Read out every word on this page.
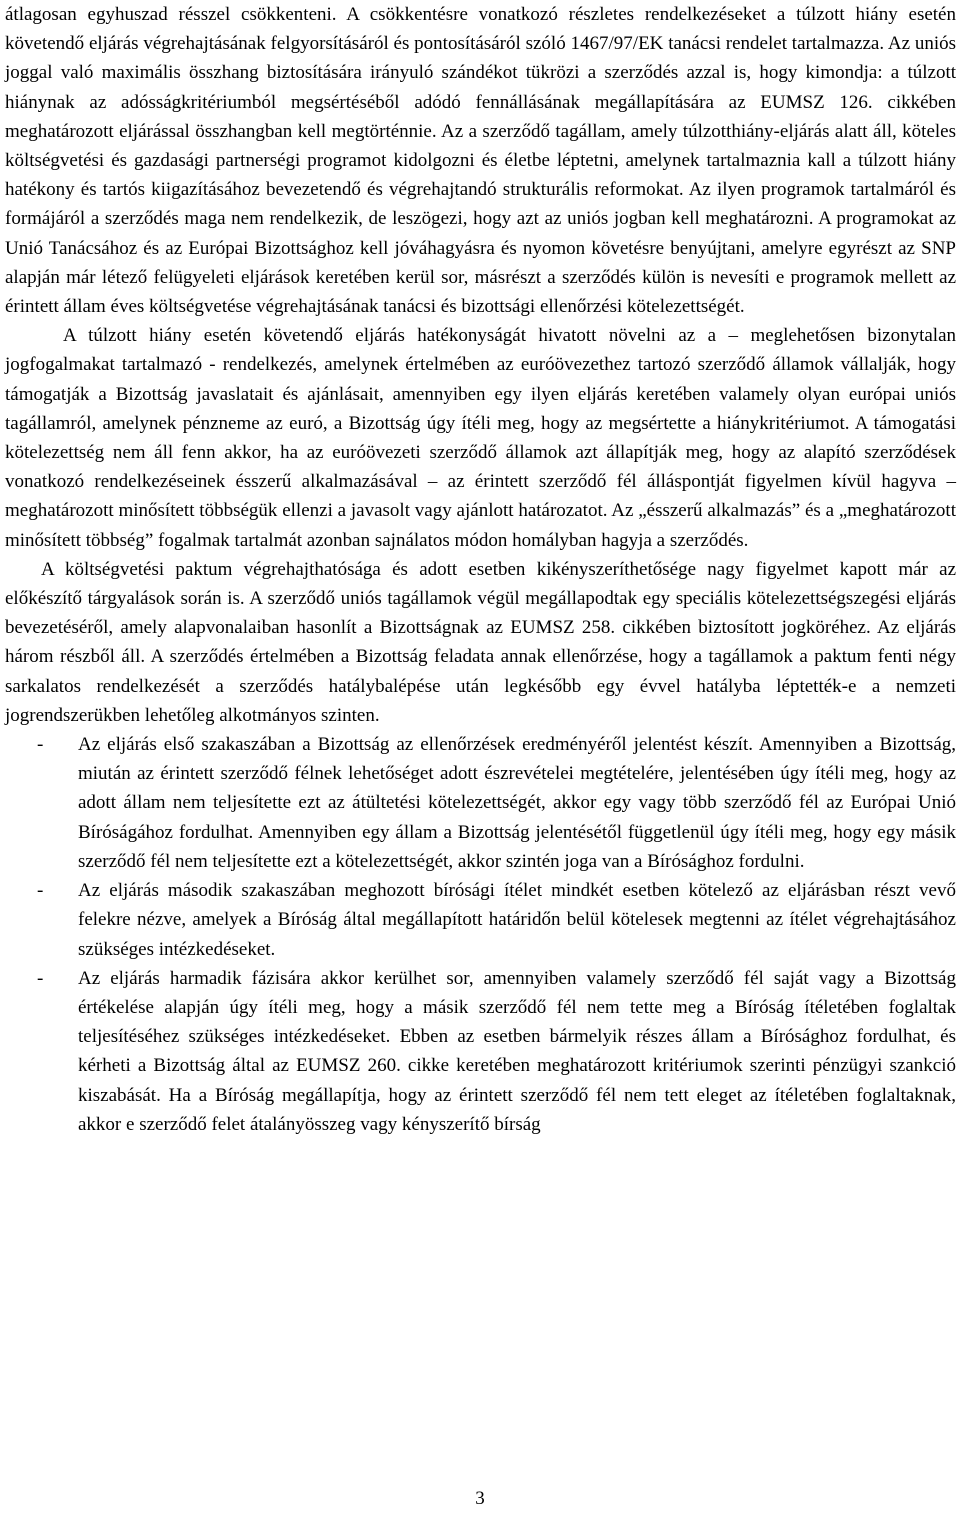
átlagosan egyhuszad résszel csökkenteni. A csökkentésre vonatkozó részletes rendelkezéseket a túlzott hiány esetén követendő eljárás végrehajtásának felgyorsításáról és pontosításáról szóló 1467/97/EK tanácsi rendelet tartalmazza. Az uniós joggal való maximális összhang biztosítására irányuló szándékot tükrözi a szerződés azzal is, hogy kimondja: a túlzott hiánynak az adósságkritériumból megsértéséből adódó fennállásának megállapítására az EUMSZ 126. cikkében meghatározott eljárással összhangban kell megtörténnie. Az a szerződő tagállam, amely túlzotthiány-eljárás alatt áll, köteles költségvetési és gazdasági partnerségi programot kidolgozni és életbe léptetni, amelynek tartalmaznia kall a túlzott hiány hatékony és tartós kiigazításához bevezetendő és végrehajtandó strukturális reformokat. Az ilyen programok tartalmáról és formájáról a szerződés maga nem rendelkezik, de leszögezi, hogy azt az uniós jogban kell meghatározni. A programokat az Unió Tanácsához és az Európai Bizottsághoz kell jóváhagyásra és nyomon követésre benyújtani, amelyre egyrészt az SNP alapján már létező felügyeleti eljárások keretében kerül sor, másrészt a szerződés külön is nevesíti e programok mellett az érintett állam éves költségvetése végrehajtásának tanácsi és bizottsági ellenőrzési kötelezettségét.

A túlzott hiány esetén követendő eljárás hatékonyságát hivatott növelni az a – meglehetősen bizonytalan jogfogalmakat tartalmazó - rendelkezés, amelynek értelmében az euróövezethez tartozó szerződő államok vállalják, hogy támogatják a Bizottság javaslatait és ajánlásait, amennyiben egy ilyen eljárás keretében valamely olyan európai uniós tagállamról, amelynek pénzneme az euró, a Bizottság úgy ítéli meg, hogy az megsértette a hiánykritériumot. A támogatási kötelezettség nem áll fenn akkor, ha az euróövezeti szerződő államok azt állapítják meg, hogy az alapító szerződések vonatkozó rendelkezéseinek ésszerű alkalmazásával – az érintett szerződő fél álláspontját figyelmen kívül hagyva – meghatározott minősített többségük ellenzi a javasolt vagy ajánlott határozatot. Az „ésszerű alkalmazás” és a „meghatározott minősített többség” fogalmak tartalmát azonban sajnálatos módon homályban hagyja a szerződés.

A költségvetési paktum végrehajthatósága és adott esetben kikényszeríthetősége nagy figyelmet kapott már az előkészítő tárgyalások során is. A szerződő uniós tagállamok végül megállapodtak egy speciális kötelezettségszegési eljárás bevezetéséről, amely alapvonalaiban hasonlít a Bizottságnak az EUMSZ 258. cikkében biztosított jogköréhez. Az eljárás három részből áll. A szerződés értelmében a Bizottság feladata annak ellenőrzése, hogy a tagállamok a paktum fenti négy sarkalatos rendelkezését a szerződés hatálybalépése után legkésőbb egy évvel hatályba léptették-e a nemzeti jogrendszerükben lehetőleg alkotmányos szinten.

- Az eljárás első szakaszában a Bizottság az ellenőrzések eredményéről jelentést készít. Amennyiben a Bizottság, miután az érintett szerződő félnek lehetőséget adott észrevételei megtételére, jelentésében úgy ítéli meg, hogy az adott állam nem teljesítette ezt az átültetési kötelezettségét, akkor egy vagy több szerződő fél az Európai Unió Bíróságához fordulhat. Amennyiben egy állam a Bizottság jelentésétől függetlenül úgy ítéli meg, hogy egy másik szerződő fél nem teljesítette ezt a kötelezettségét, akkor szintén joga van a Bírósághoz fordulni.

- Az eljárás második szakaszában meghozott bírósági ítélet mindkét esetben kötelező az eljárásban részt vevő felekre nézve, amelyek a Bíróság által megállapított határidőn belül kötelesek megtenni az ítélet végrehajtásához szükséges intézkedéseket.

- Az eljárás harmadik fázisára akkor kerülhet sor, amennyiben valamely szerződő fél saját vagy a Bizottság értékelése alapján úgy ítéli meg, hogy a másik szerződő fél nem tette meg a Bíróság ítéletében foglaltak teljesítéséhez szükséges intézkedéseket. Ebben az esetben bármelyik részes állam a Bírósághoz fordulhat, és kérheti a Bizottság által az EUMSZ 260. cikke keretében meghatározott kritériumok szerinti pénzügyi szankció kiszabását. Ha a Bíróság megállapítja, hogy az érintett szerződő fél nem tett eleget az ítéletében foglaltaknak, akkor e szerződő felet átalányösszeg vagy kényszerítő bírság

3
